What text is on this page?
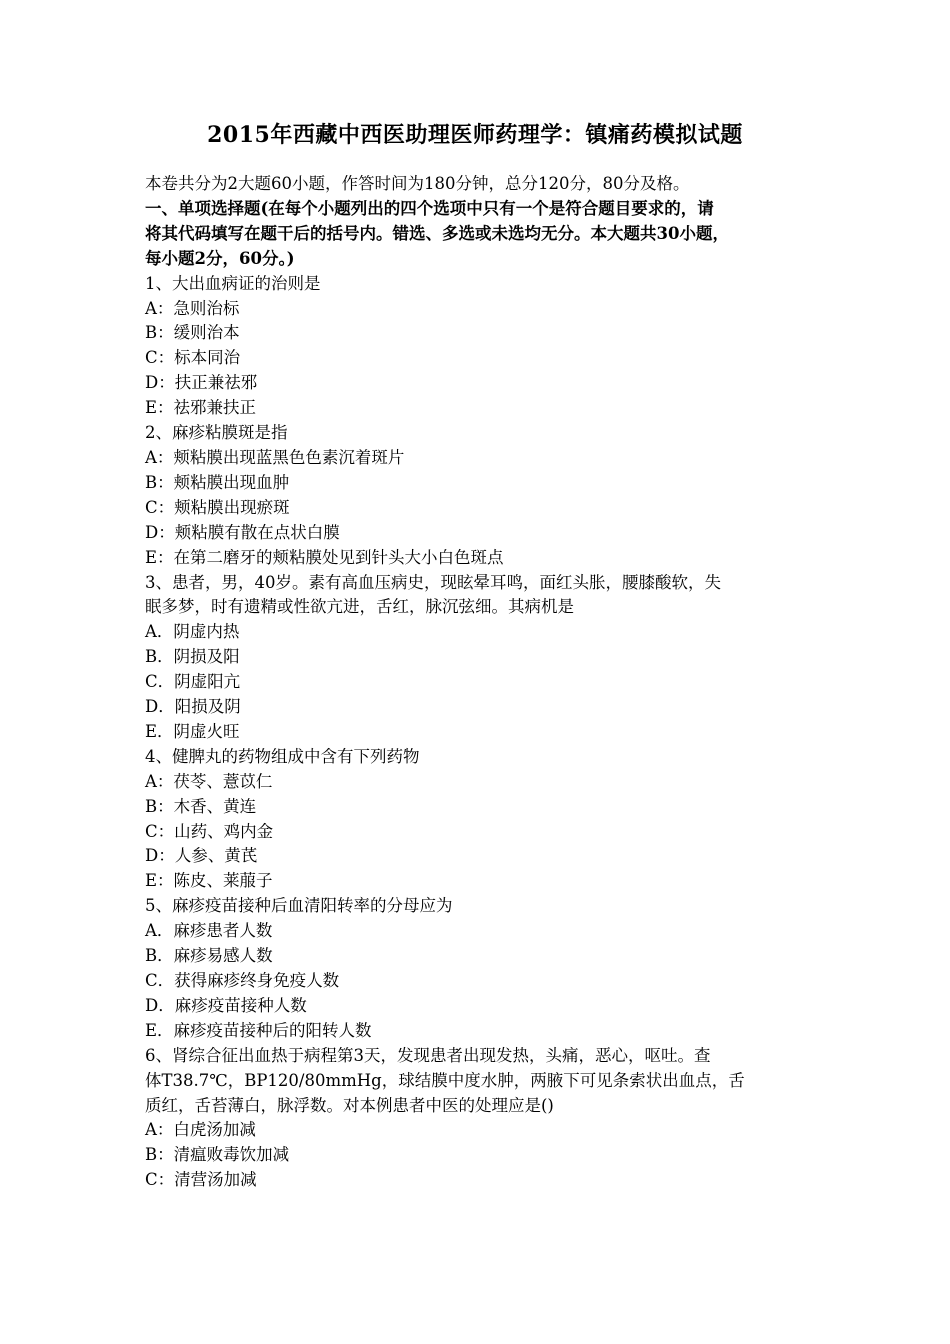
2015年西藏中西医助理医师药理学：镇痛药模拟试题
本卷共分为2大题60小题，作答时间为180分钟，总分120分，80分及格。
一、单项选择题(在每个小题列出的四个选项中只有一个是符合题目要求的，请
将其代码填写在题干后的括号内。错选、多选或未选均无分。本大题共30小题，
每小题2分，60分。)
1、大出血病证的治则是
A：急则治标
B：缓则治本
C：标本同治
D：扶正兼祛邪
E：祛邪兼扶正
2、麻疹粘膜斑是指
A：颊粘膜出现蓝黑色色素沉着斑片
B：颊粘膜出现血肿
C：颊粘膜出现瘀斑
D：颊粘膜有散在点状白膜
E：在第二磨牙的颊粘膜处见到针头大小白色斑点
3、患者，男，40岁。素有高血压病史，现眩晕耳鸣，面红头胀，腰膝酸软，失
眠多梦，时有遗精或性欲亢进，舌红，脉沉弦细。其病机是
A．阴虚内热
B．阴损及阳
C．阴虚阳亢
D．阳损及阴
E．阴虚火旺
4、健脾丸的药物组成中含有下列药物
A：茯苓、薏苡仁
B：木香、黄连
C：山药、鸡内金
D：人参、黄芪
E：陈皮、莱菔子
5、麻疹疫苗接种后血清阳转率的分母应为
A．麻疹患者人数
B．麻疹易感人数
C．获得麻疹终身免疫人数
D．麻疹疫苗接种人数
E．麻疹疫苗接种后的阳转人数
6、肾综合征出血热于病程第3天，发现患者出现发热，头痛，恶心，呕吐。查
体T38.7℃，BP120/80mmHg，球结膜中度水肿，两腋下可见条索状出血点，舌
质红，舌苔薄白，脉浮数。对本例患者中医的处理应是()
A：白虎汤加减
B：清瘟败毒饮加减
C：清营汤加减
